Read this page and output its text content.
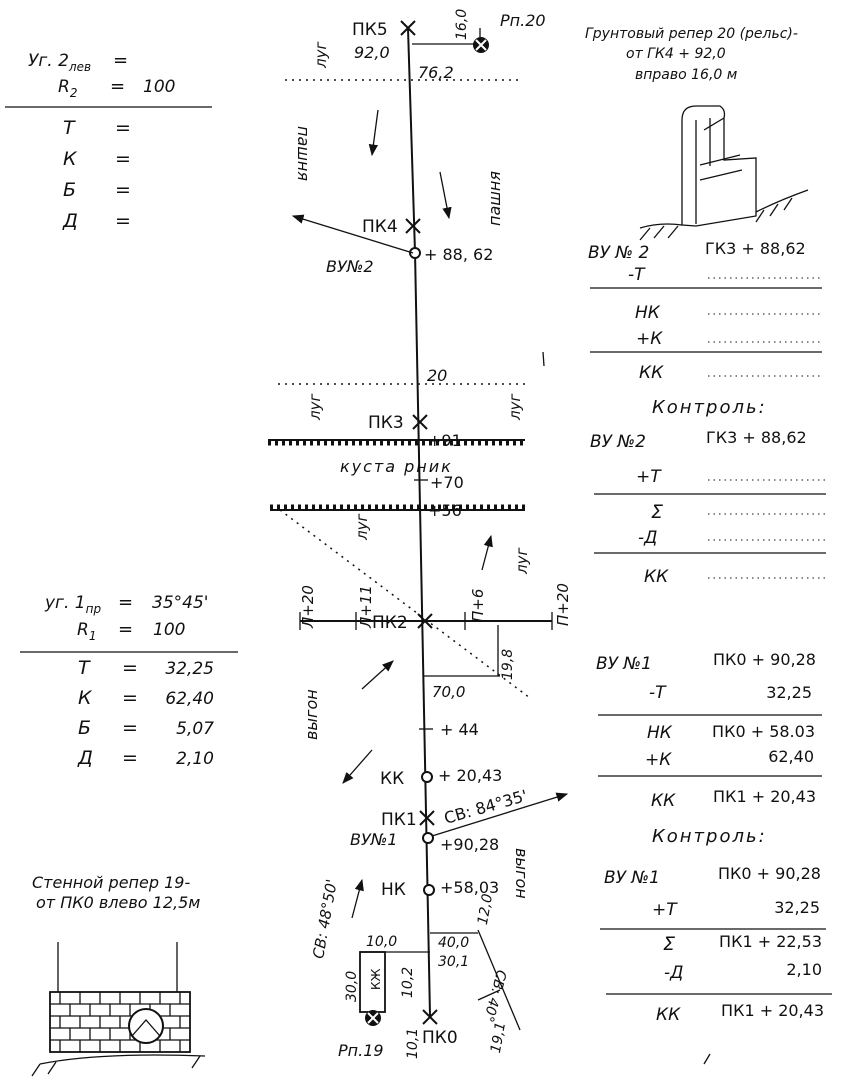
ПК5
92,0
16,0 Рп.20
76,2
луг
пашня
пашня
ПК4
+ 88, 62
ВУ№2
20
луг	луг
ПК3
+91
куста рник
+70
+56
луг
луг
Л+20	Л+11	П+6	П+20
ПК2
19,8
70,0
выгон	+ 44
КК + 20,43
ПК1 СВ: 84°35'
ВУ№1	+90,28
выгон
НК +58,03
СВ: 48°50'	40,0
30,1
12,0
СВ: 40°
19,1
КЖ
10,0
30,0	10,2
ПК0
10,1
Рп.19
Уг. $2_{лев}$ =
$R_2 = 100$
Т =
К =
Б =
Д =
уг. $1_{пр} = 35^\circ 45'$
$R_1 = 100$
Т = 32,25
К = 62,40
Б = 5,07
Д = 2,10
Грунтовый репер 20 (рельс)-
от ГК4 + 92,0
вправо 16,0 м
ВУ № 2	ГК3 + 88,62
-Т
НК
+К
КК
Контроль:
ВУ №2	ГК3 + 88,62
+Т
Σ
-Д
КК
ВУ №1	ПК0 + 90,28
-Т	32,25
НК	ПК0 + 58.03
+К	62,40
КК ПК1 + 20,43
Контроль:
ВУ №1	ПК0 + 90,28
+Т	32,25
Σ	ПК1 + 22,53
-Д	2,10
КК	ПК1 + 20,43
Стенной репер 19-
от ПК0 влево 12,5м
